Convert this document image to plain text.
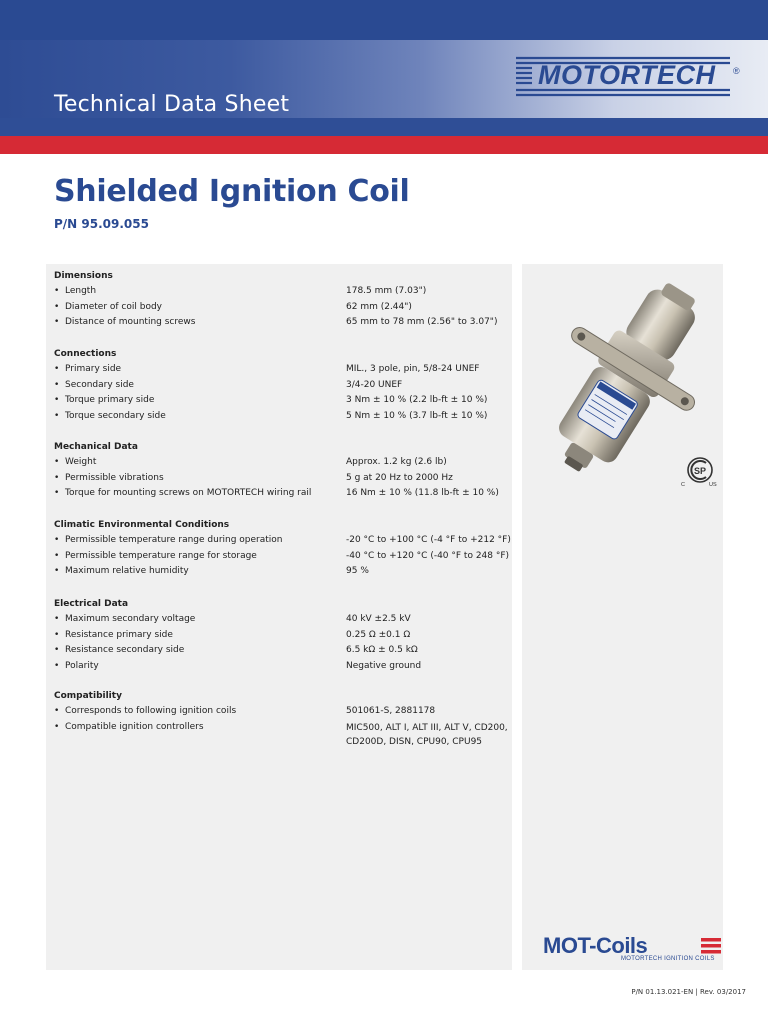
Technical Data Sheet
MOTORTECH ®
Shielded Ignition Coil
P/N 95.09.055
Dimensions
• Length	178.5 mm (7.03")
• Diameter of coil body	62 mm (2.44")
• Distance of mounting screws	65 mm to 78 mm (2.56" to 3.07")
Connections
• Primary side	MIL., 3 pole, pin, 5/8-24 UNEF
• Secondary side	3/4-20 UNEF
• Torque primary side	3 Nm ± 10 % (2.2 lb-ft ± 10 %)
• Torque secondary side	5 Nm ± 10 % (3.7 lb-ft ± 10 %)
Mechanical Data
• Weight	Approx. 1.2 kg (2.6 lb)
• Permissible vibrations	5 g at 20 Hz to 2000 Hz
• Torque for mounting screws on MOTORTECH wiring rail	16 Nm ± 10 % (11.8 lb-ft ± 10 %)
Climatic Environmental Conditions
• Permissible temperature range during operation	-20 °C to +100 °C (-4 °F to +212 °F)
• Permissible temperature range for storage	-40 °C to +120 °C (-40 °F to 248 °F)
• Maximum relative humidity	95 %
Electrical Data
• Maximum secondary voltage	40 kV ±2.5 kV
• Resistance primary side	0.25 Ω ±0.1 Ω
• Resistance secondary side	6.5 kΩ ± 0.5 kΩ
• Polarity	Negative ground
Compatibility
• Corresponds to following ignition coils	501061-S, 2881178
• Compatible ignition controllers	MIC500, ALT I, ALT III, ALT V, CD200, CD200D, DISN, CPU90, CPU95
SP
C	US
MOT-Coils
MOTORTECH IGNITION COILS
P/N 01.13.021-EN | Rev. 03/2017
